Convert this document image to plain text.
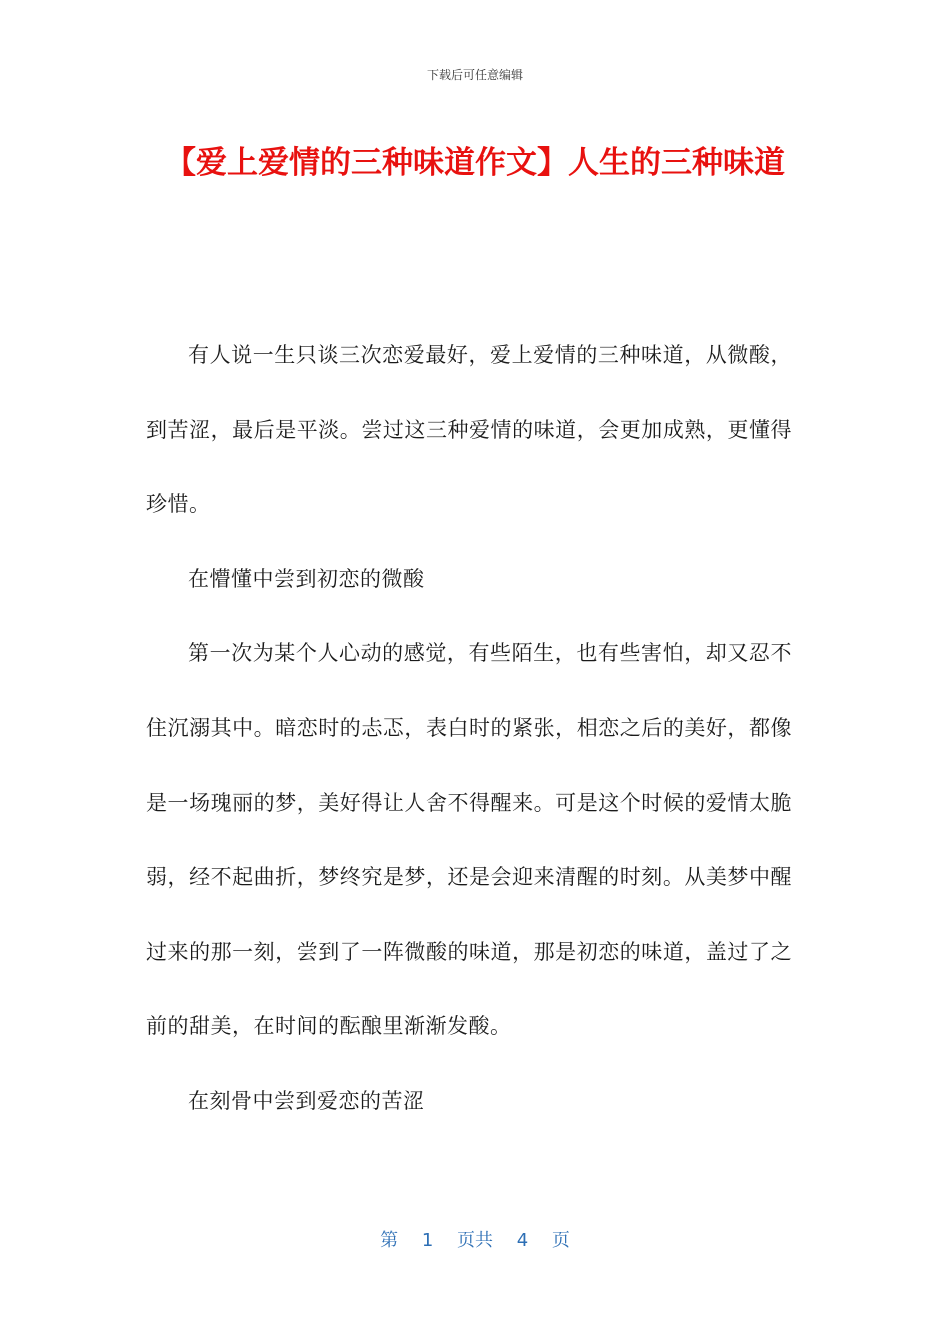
下载后可任意编辑
【爱上爱情的三种味道作文】人生的三种味道

有人说一生只谈三次恋爱最好，爱上爱情的三种味道，从微酸，到苦涩，最后是平淡。尝过这三种爱情的味道，会更加成熟，更懂得珍惜。

在懵懂中尝到初恋的微酸

第一次为某个人心动的感觉，有些陌生，也有些害怕，却又忍不住沉溺其中。暗恋时的忐忑，表白时的紧张，相恋之后的美好，都像是一场瑰丽的梦，美好得让人舍不得醒来。可是这个时候的爱情太脆弱，经不起曲折，梦终究是梦，还是会迎来清醒的时刻。从美梦中醒过来的那一刻，尝到了一阵微酸的味道，那是初恋的味道，盖过了之前的甜美，在时间的酝酿里渐渐发酸。

在刻骨中尝到爱恋的苦涩

第 1 页共 4 页
